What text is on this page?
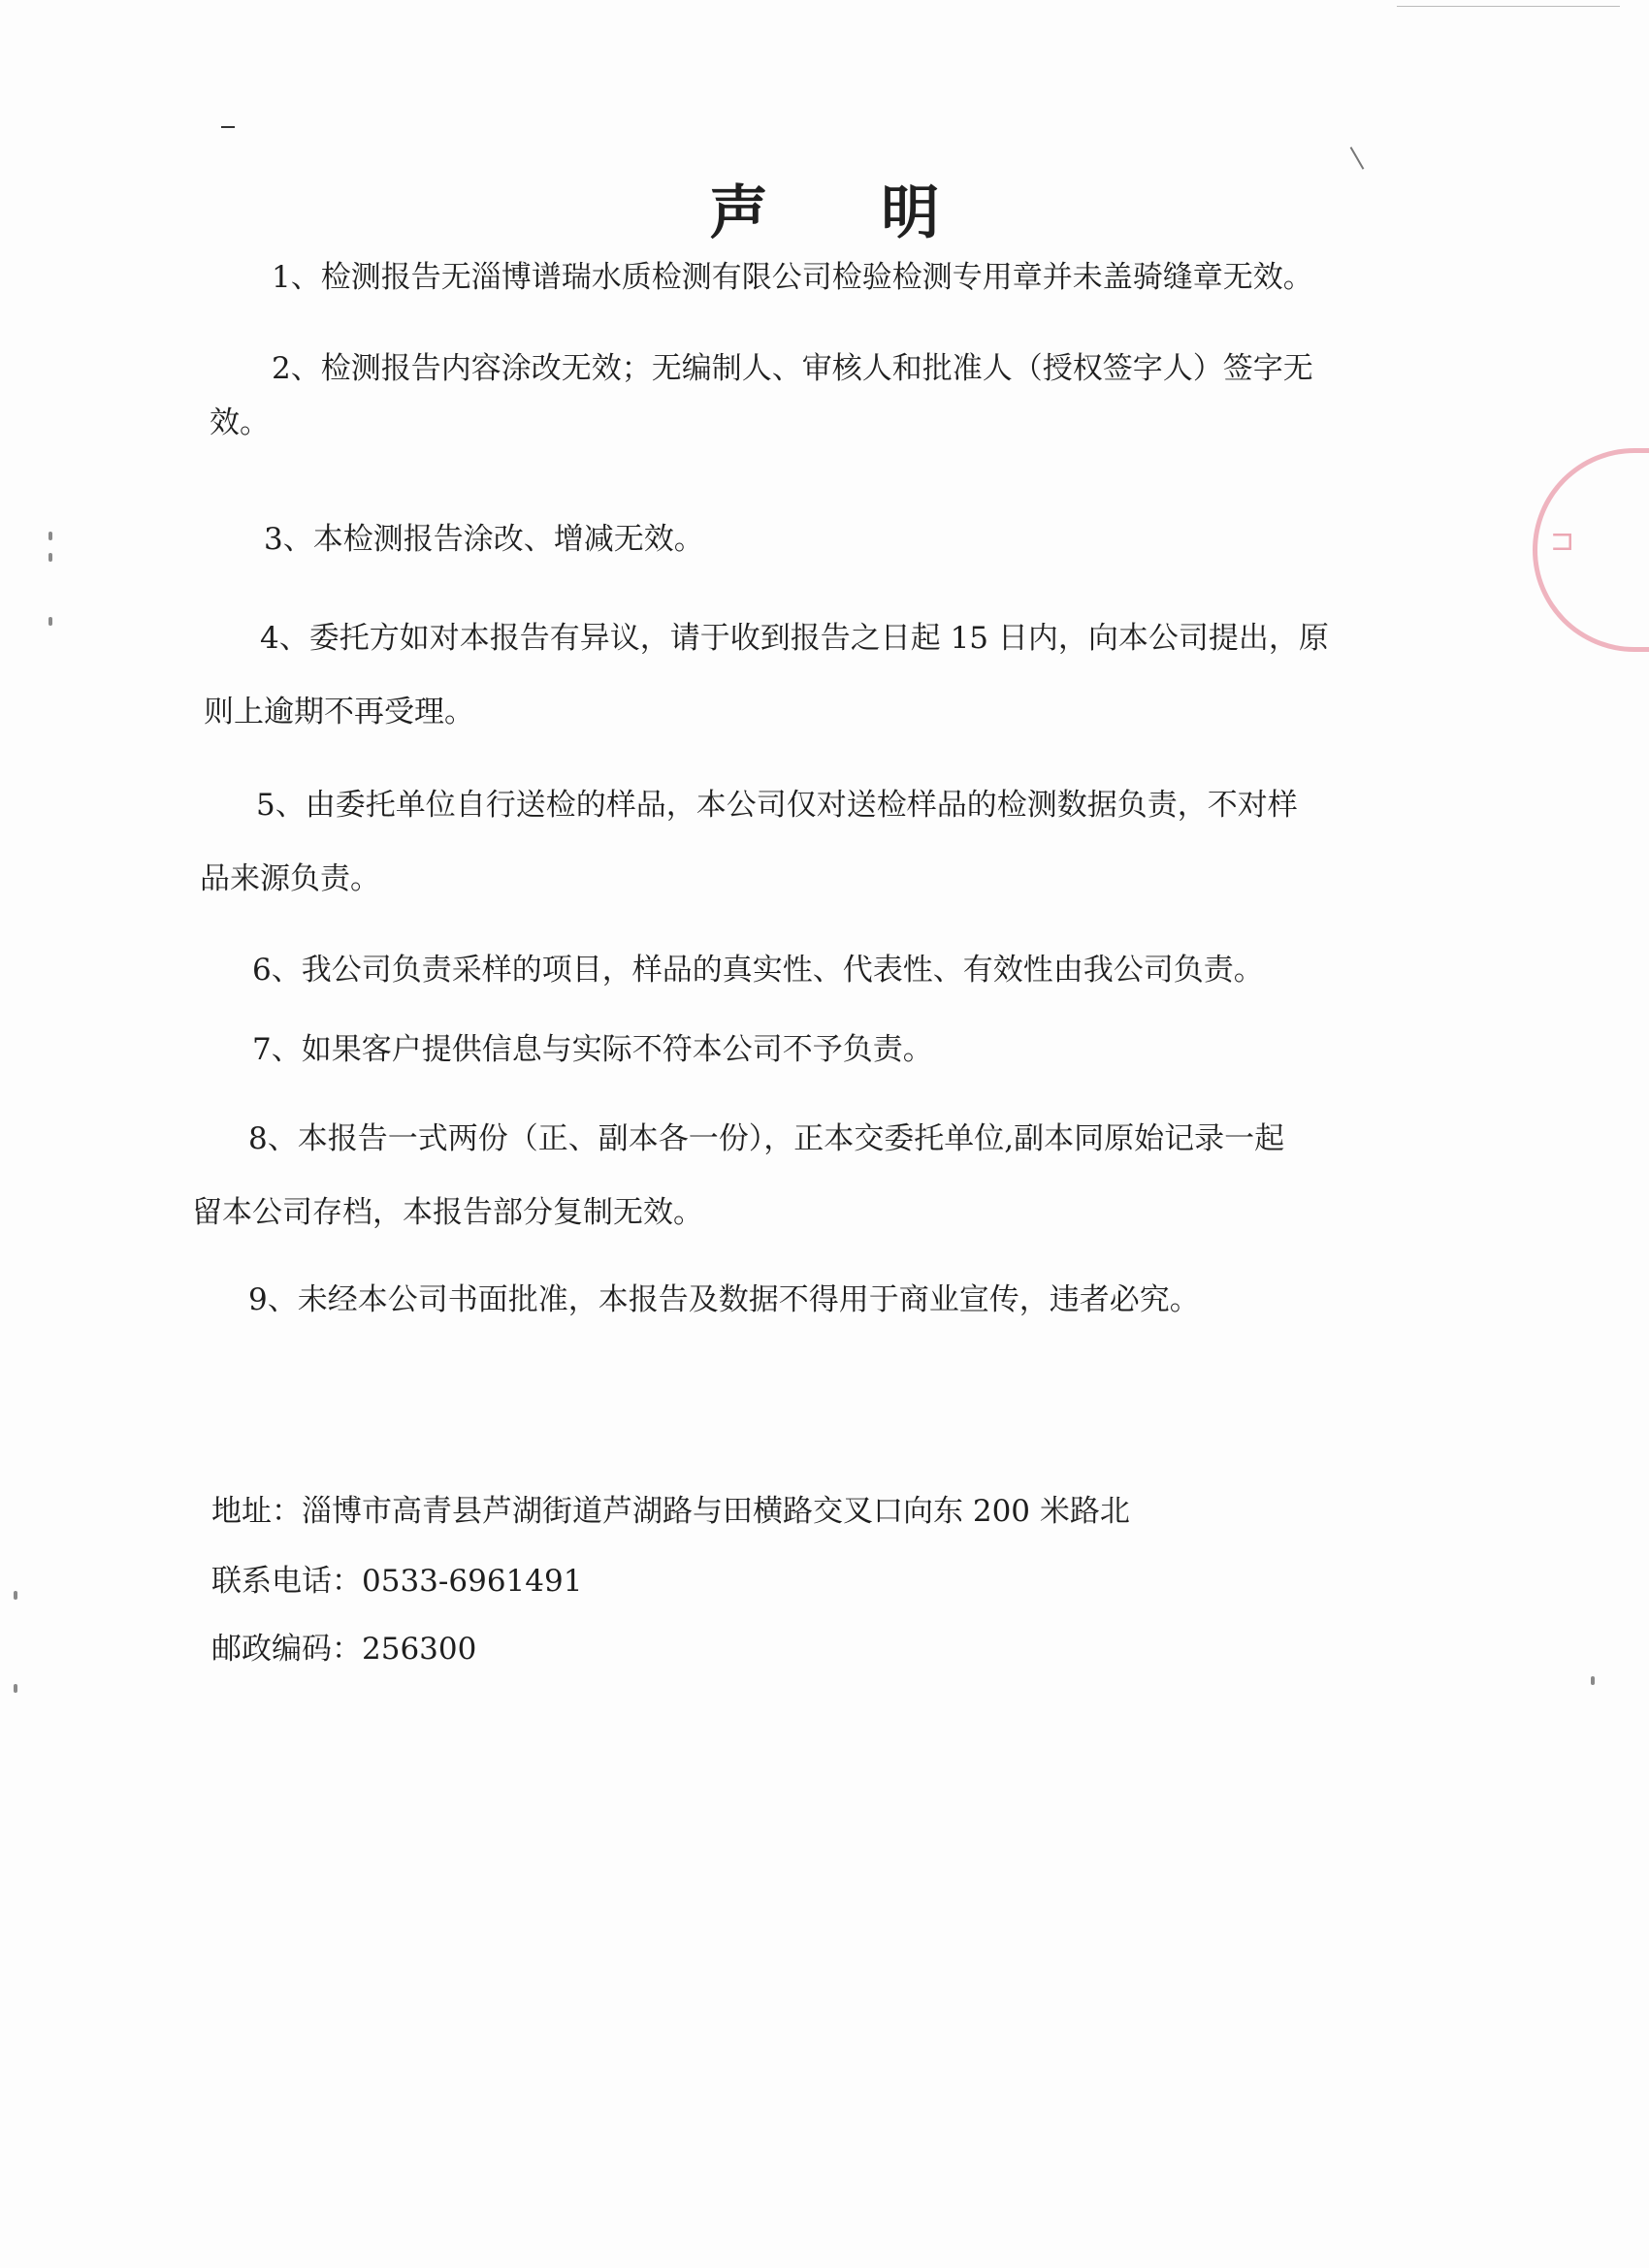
⊐
声 明
1、检测报告无淄博谱瑞水质检测有限公司检验检测专用章并未盖骑缝章无效。
2、检测报告内容涂改无效；无编制人、审核人和批准人（授权签字人）签字无
效。
3、本检测报告涂改、增减无效。
4、委托方如对本报告有异议，请于收到报告之日起 15 日内，向本公司提出，原
则上逾期不再受理。
5、由委托单位自行送检的样品，本公司仅对送检样品的检测数据负责，不对样
品来源负责。
6、我公司负责采样的项目，样品的真实性、代表性、有效性由我公司负责。
7、如果客户提供信息与实际不符本公司不予负责。
8、本报告一式两份（正、副本各一份），正本交委托单位,副本同原始记录一起
留本公司存档，本报告部分复制无效。
9、未经本公司书面批准，本报告及数据不得用于商业宣传，违者必究。
地址：淄博市高青县芦湖街道芦湖路与田横路交叉口向东 200 米路北
联系电话：0533-6961491
邮政编码：256300
